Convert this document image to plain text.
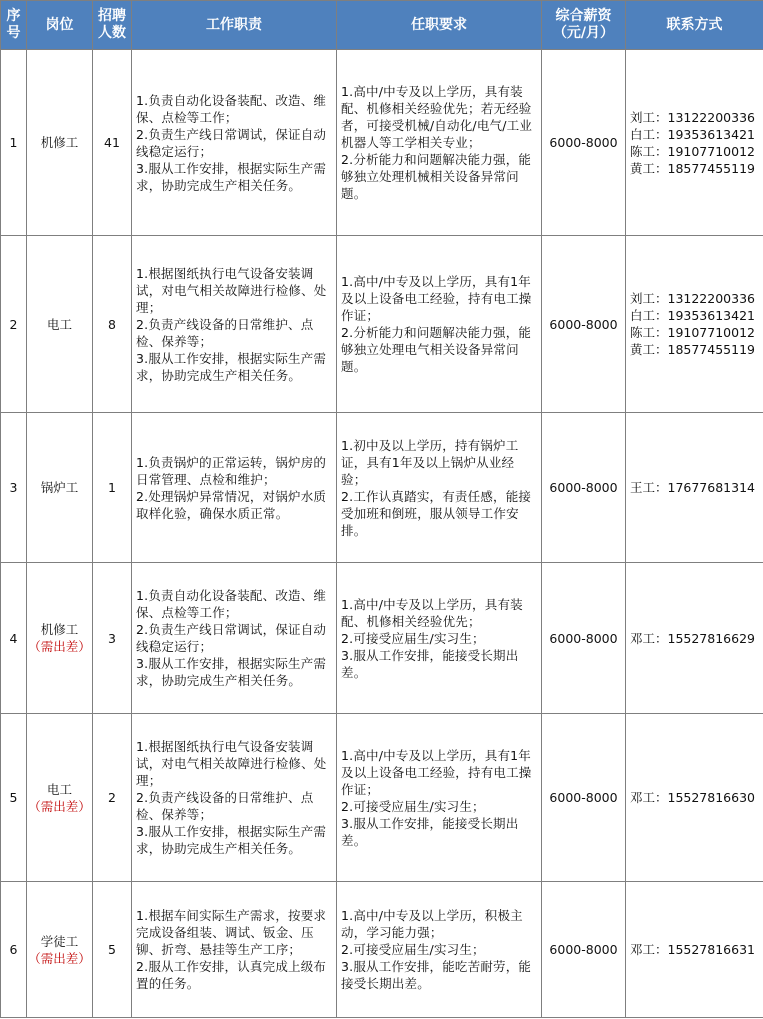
序
号	岗位	招聘
人数	工作职责	任职要求	综合薪资
（元/月）	联系方式
1	机修工	41	1.负责自动化设备装配、改造、维保、点检等工作；
2.负责生产线日常调试，保证自动线稳定运行；
3.服从工作安排，根据实际生产需求，协助完成生产相关任务。	1.高中/中专及以上学历，具有装配、机修相关经验优先；若无经验者，可接受机械/自动化/电气/工业机器人等工学相关专业；
2.分析能力和问题解决能力强，能够独立处理机械相关设备异常问题。	6000-8000	刘工：13122200336
白工：19353613421
陈工：19107710012
黄工：18577455119

2	电工	8	1.根据图纸执行电气设备安装调试，对电气相关故障进行检修、处理；
2.负责产线设备的日常维护、点检、保养等；
3.服从工作安排，根据实际生产需求，协助完成生产相关任务。	1.高中/中专及以上学历，具有1年及以上设备电工经验，持有电工操作证；
2.分析能力和问题解决能力强，能够独立处理电气相关设备异常问题。	6000-8000	刘工：13122200336
白工：19353613421
陈工：19107710012
黄工：18577455119

3	锅炉工	1	1.负责锅炉的正常运转，锅炉房的日常管理、点检和维护；
2.处理锅炉异常情况，对锅炉水质取样化验，确保水质正常。	1.初中及以上学历，持有锅炉工证，具有1年及以上锅炉从业经验；
2.工作认真踏实，有责任感，能接受加班和倒班，服从领导工作安排。	6000-8000	王工：17677681314

4	机修工
（需出差）	3	1.负责自动化设备装配、改造、维保、点检等工作；
2.负责生产线日常调试，保证自动线稳定运行；
3.服从工作安排，根据实际生产需求，协助完成生产相关任务。	1.高中/中专及以上学历，具有装配、机修相关经验优先；
2.可接受应届生/实习生；
3.服从工作安排，能接受长期出差。	6000-8000	邓工：15527816629

5	电工
（需出差）	2	1.根据图纸执行电气设备安装调试，对电气相关故障进行检修、处理；
2.负责产线设备的日常维护、点检、保养等；
3.服从工作安排，根据实际生产需求，协助完成生产相关任务。	1.高中/中专及以上学历，具有1年及以上设备电工经验，持有电工操作证；
2.可接受应届生/实习生；
3.服从工作安排，能接受长期出差。	6000-8000	邓工：15527816630

6	学徒工
（需出差）	5	1.根据车间实际生产需求，按要求完成设备组装、调试、钣金、压铆、折弯、悬挂等生产工序；
2.服从工作安排，认真完成上级布置的任务。	1.高中/中专及以上学历，积极主动，学习能力强；
2.可接受应届生/实习生；
3.服从工作安排，能吃苦耐劳，能接受长期出差。	6000-8000	邓工：15527816631
